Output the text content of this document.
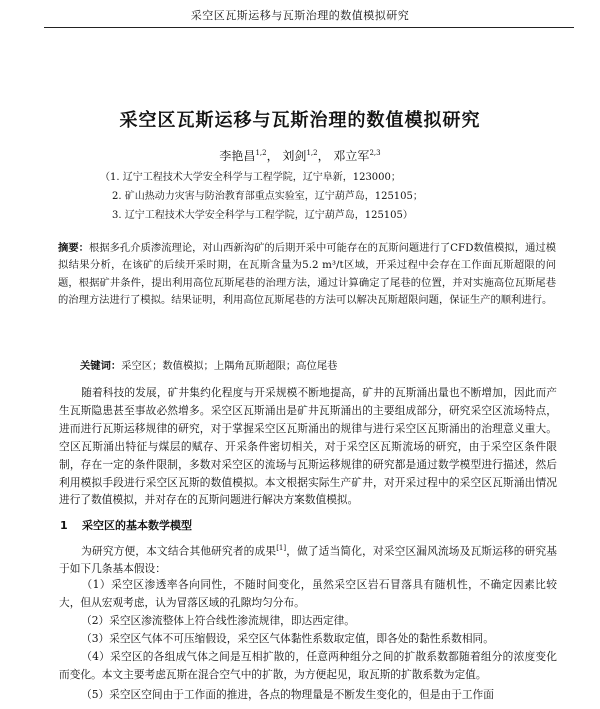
采空区瓦斯运移与瓦斯治理的数值模拟研究
采空区瓦斯运移与瓦斯治理的数值模拟研究
李艳昌$^{1,2}$， 刘剑$^{1,2}$， 邓立军$^{2,3}$
（1. 辽宁工程技术大学安全科学与工程学院，辽宁阜新，123000；
2. 矿山热动力灾害与防治教育部重点实验室，辽宁葫芦岛，125105；
3. 辽宁工程技术大学安全科学与工程学院，辽宁葫芦岛，125105）
摘要：根据多孔介质渗流理论，对山西新沟矿的后期开采中可能存在的瓦斯问题进行了CFD数值模拟，通过模拟结果分析，在该矿的后续开采时期，在瓦斯含量为5.2 m³/t区域，开采过程中会存在工作面瓦斯超限的问题，根据矿井条件，提出利用高位瓦斯尾巷的治理方法，通过计算确定了尾巷的位置，并对实施高位瓦斯尾巷的治理方法进行了模拟。结果证明，利用高位瓦斯尾巷的方法可以解决瓦斯超限问题，保证生产的顺利进行。
关键词：采空区；数值模拟；上隅角瓦斯超限；高位尾巷
随着科技的发展，矿井集约化程度与开采规模不断地提高，矿井的瓦斯涌出量也不断增加，因此而产生瓦斯隐患甚至事故必然增多。采空区瓦斯涌出是矿井瓦斯涌出的主要组成部分，研究采空区流场特点，进而进行瓦斯运移规律的研究，对于掌握采空区瓦斯涌出的规律与进行采空区瓦斯涌出的治理意义重大。空区瓦斯涌出特征与煤层的赋存、开采条件密切相关，对于采空区瓦斯流场的研究，由于采空区条件限制，存在一定的条件限制，多数对采空区的流场与瓦斯运移规律的研究都是通过数学模型进行描述，然后利用模拟手段进行采空区瓦斯的数值模拟。本文根据实际生产矿井，对开采过程中的采空区瓦斯涌出情况进行了数值模拟，并对存在的瓦斯问题进行解决方案数值模拟。
1 采空区的基本数学模型
为研究方便，本文结合其他研究者的成果[1]，做了适当简化，对采空区漏风流场及瓦斯运移的研究基于如下几条基本假设：
（1）采空区渗透率各向同性，不随时间变化，虽然采空区岩石冒落具有随机性，不确定因素比较大，但从宏观考虑，认为冒落区域的孔隙均匀分布。
（2）采空区渗流整体上符合线性渗流规律，即达西定律。
（3）采空区气体不可压缩假设，采空区气体黏性系数取定值，即各处的黏性系数相同。
（4）采空区的各组成气体之间是互相扩散的，任意两种组分之间的扩散系数都随着组分的浓度变化而变化。本文主要考虑瓦斯在混合空气中的扩散，为方便起见，取瓦斯的扩散系数为定值。
（5）采空区空间由于工作面的推进，各点的物理量是不断发生变化的，但是由于工作面
